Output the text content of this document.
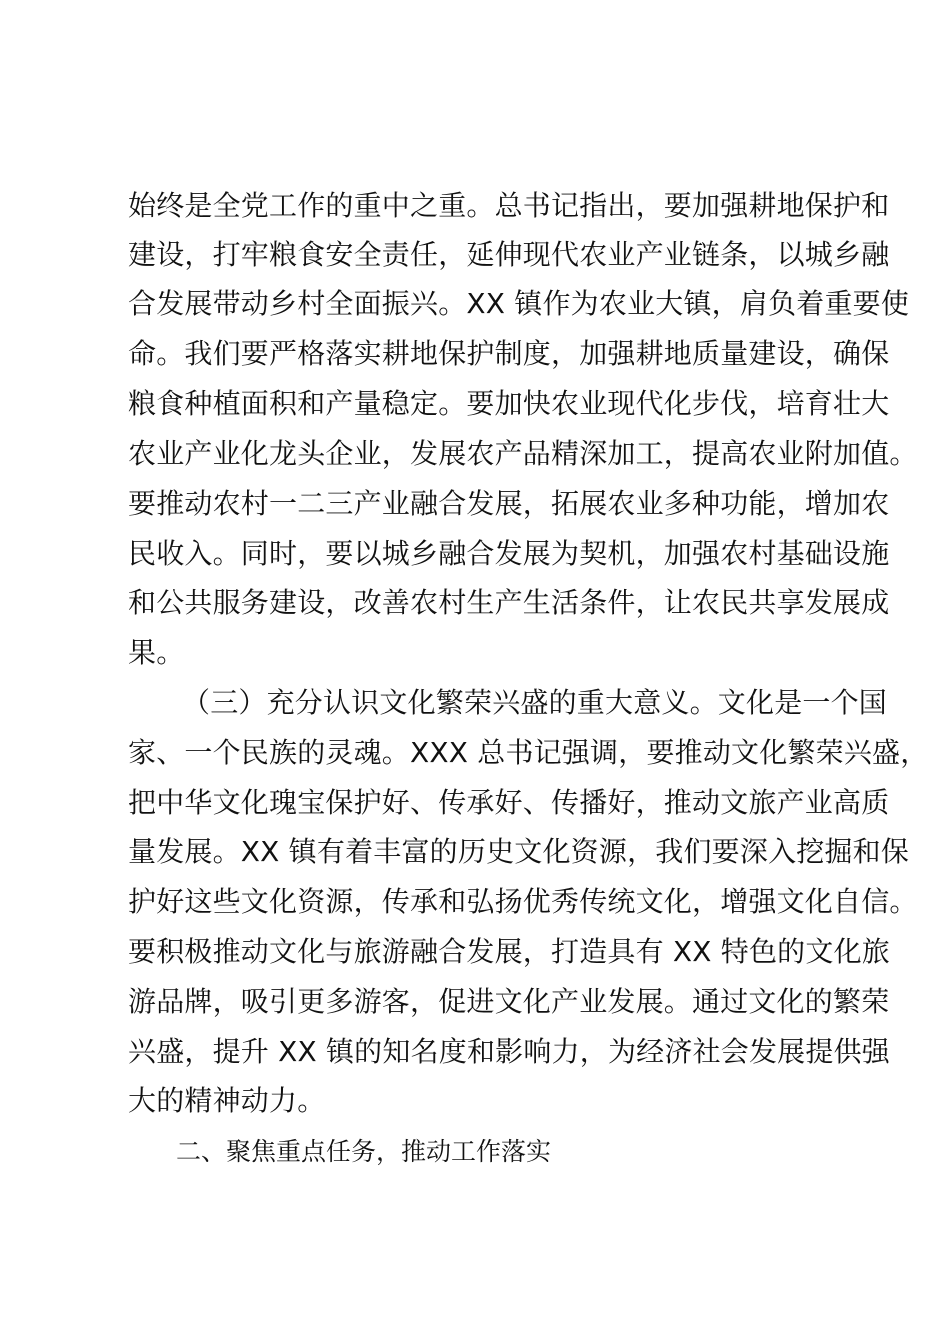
始终是全党工作的重中之重。总书记指出，要加强耕地保护和
建设，打牢粮食安全责任，延伸现代农业产业链条，以城乡融
合发展带动乡村全面振兴。XX 镇作为农业大镇，肩负着重要使
命。我们要严格落实耕地保护制度，加强耕地质量建设，确保
粮食种植面积和产量稳定。要加快农业现代化步伐，培育壮大
农业产业化龙头企业，发展农产品精深加工，提高农业附加值。
要推动农村一二三产业融合发展，拓展农业多种功能，增加农
民收入。同时，要以城乡融合发展为契机，加强农村基础设施
和公共服务建设，改善农村生产生活条件，让农民共享发展成
果。
（三）充分认识文化繁荣兴盛的重大意义。文化是一个国
家、一个民族的灵魂。XXX 总书记强调，要推动文化繁荣兴盛，
把中华文化瑰宝保护好、传承好、传播好，推动文旅产业高质
量发展。XX 镇有着丰富的历史文化资源，我们要深入挖掘和保
护好这些文化资源，传承和弘扬优秀传统文化，增强文化自信。
要积极推动文化与旅游融合发展，打造具有 XX 特色的文化旅
游品牌，吸引更多游客，促进文化产业发展。通过文化的繁荣
兴盛，提升 XX 镇的知名度和影响力，为经济社会发展提供强
大的精神动力。
二、聚焦重点任务，推动工作落实
